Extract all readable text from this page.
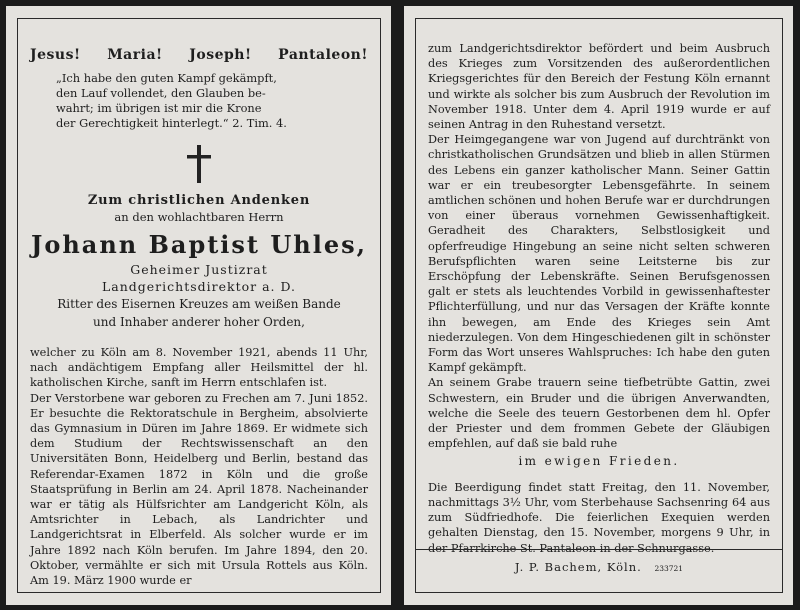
Jesus! Maria! Joseph! Pantaleon!

„Ich habe den guten Kampf gekämpft,

den Lauf vollendet, den Glauben be-

wahrt; im übrigen ist mir die Krone

der Gerechtigkeit hinterlegt.“ 2. Tim. 4.

Zum christlichen Andenken
an den wohlachtbaren Herrn
Johann Baptist Uhles,
Geheimer Justizrat
Landgerichtsdirektor a. D.
Ritter des Eisernen Kreuzes am weißen Bande
und Inhaber anderer hoher Orden,

welcher zu Köln am 8. November 1921, abends 11 Uhr, nach andächtigem Empfang aller Heilsmittel der hl. katholischen Kirche, sanft im Herrn entschlafen ist.

Der Verstorbene war geboren zu Frechen am 7. Juni 1852. Er besuchte die Rektoratschule in Bergheim, absolvierte das Gymnasium in Düren im Jahre 1869. Er widmete sich dem Studium der Rechtswissenschaft an den Universitäten Bonn, Heidelberg und Berlin, bestand das Referendar-Examen 1872 in Köln und die große Staatsprüfung in Berlin am 24. April 1878. Nacheinander war er tätig als Hülfsrichter am Landgericht Köln, als Amtsrichter in Lebach, als Landrichter und Landgerichtsrat in Elberfeld. Als solcher wurde er im Jahre 1892 nach Köln berufen. Im Jahre 1894, den 20. Oktober, vermählte er sich mit Ursula Rottels aus Köln. Am 19. März 1900 wurde er

zum Landgerichtsdirektor befördert und beim Ausbruch des Krieges zum Vorsitzenden des außerordentlichen Kriegsgerichtes für den Bereich der Festung Köln ernannt und wirkte als solcher bis zum Ausbruch der Revolution im November 1918. Unter dem 4. April 1919 wurde er auf seinen Antrag in den Ruhestand versetzt.

Der Heimgegangene war von Jugend auf durchtränkt von christkatholischen Grundsätzen und blieb in allen Stürmen des Lebens ein ganzer katholischer Mann. Seiner Gattin war er ein treubesorgter Lebensgefährte. In seinem amtlichen schönen und hohen Berufe war er durchdrungen von einer überaus vornehmen Gewissenhaftigkeit. Geradheit des Charakters, Selbstlosigkeit und opferfreudige Hingebung an seine nicht selten schweren Berufspflichten waren seine Leitsterne bis zur Erschöpfung der Lebenskräfte. Seinen Berufsgenossen galt er stets als leuchtendes Vorbild in gewissenhaftester Pflichterfüllung, und nur das Versagen der Kräfte konnte ihn bewegen, am Ende des Krieges sein Amt niederzulegen. Von dem Hingeschiedenen gilt in schönster Form das Wort unseres Wahlspruches: Ich habe den guten Kampf gekämpft.

An seinem Grabe trauern seine tiefbetrübte Gattin, zwei Schwestern, ein Bruder und die übrigen Anverwandten, welche die Seele des teuern Gestorbenen dem hl. Opfer der Priester und dem frommen Gebete der Gläubigen empfehlen, auf daß sie bald ruhe

im ewigen Frieden.

Die Beerdigung findet statt Freitag, den 11. November, nachmittags 3½ Uhr, vom Sterbehause Sachsenring 64 aus zum Südfriedhofe. Die feierlichen Exequien werden gehalten Dienstag, den 15. November, morgens 9 Uhr, in der Pfarrkirche St. Pantaleon in der Schnurgasse.

J. P. Bachem, Köln. 233721
